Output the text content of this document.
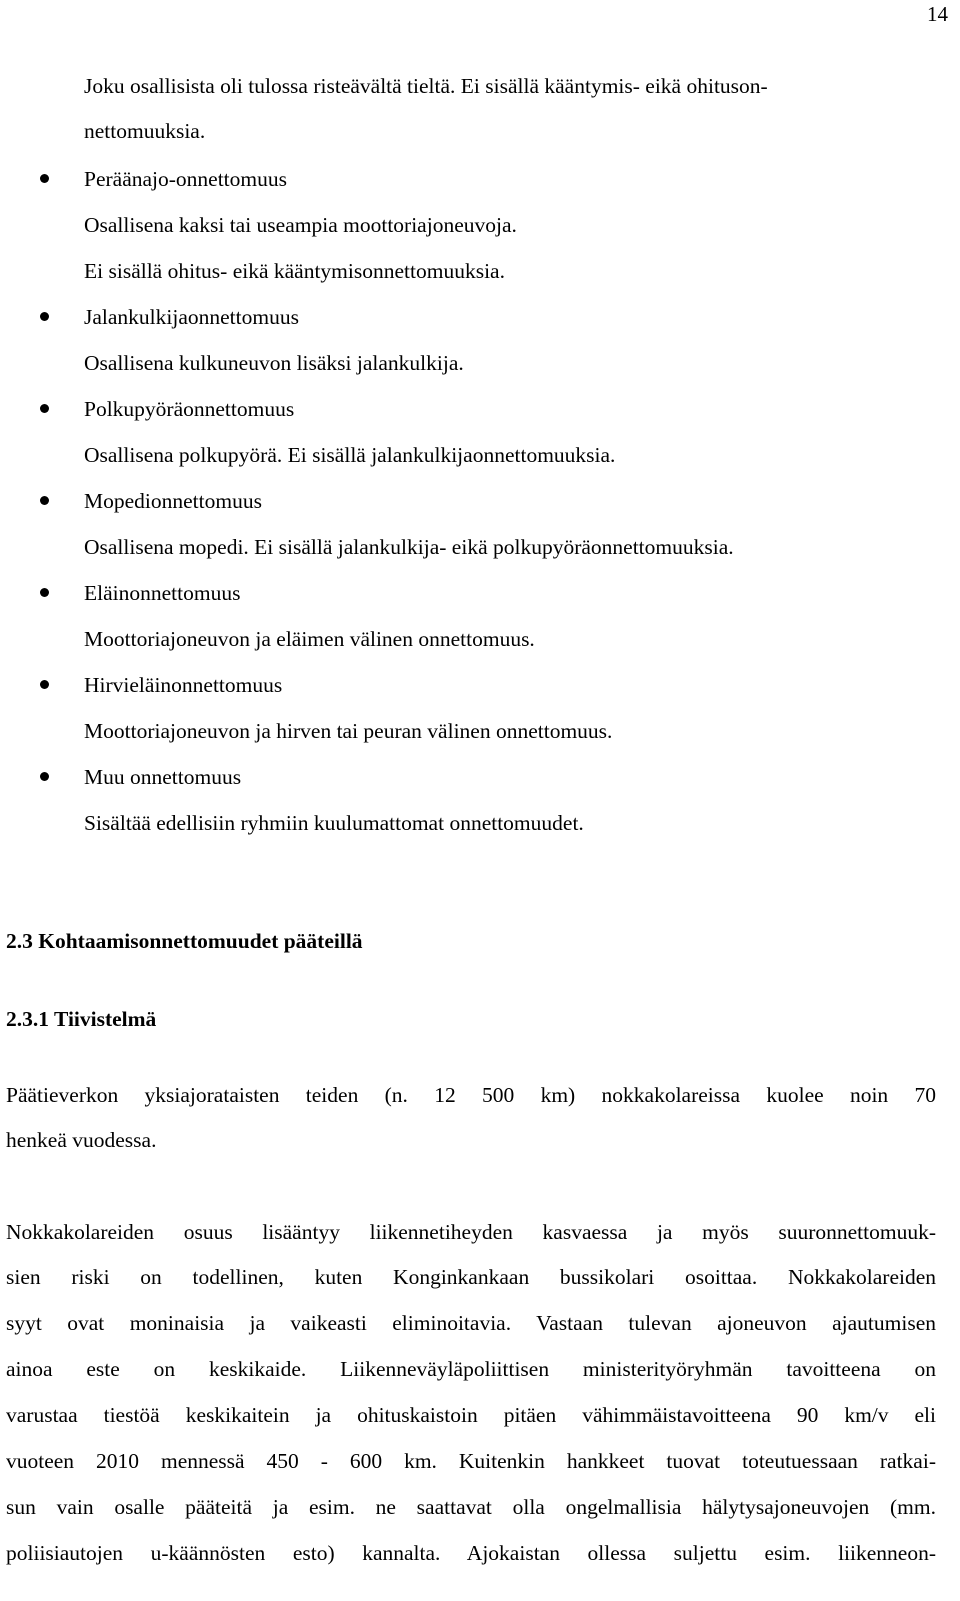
14
Joku osallisista oli tulossa risteävältä tieltä. Ei sisällä kääntymis- eikä ohituson-
nettomuuksia.
Peräänajo-onnettomuus
Osallisena kaksi tai useampia moottoriajoneuvoja.
Ei sisällä ohitus- eikä kääntymisonnettomuuksia.
Jalankulkijaonnettomuus
Osallisena kulkuneuvon lisäksi jalankulkija.
Polkupyöräonnettomuus
Osallisena polkupyörä. Ei sisällä jalankulkijaonnettomuuksia.
Mopedionnettomuus
Osallisena mopedi. Ei sisällä jalankulkija- eikä polkupyöräonnettomuuksia.
Eläinonnettomuus
Moottoriajoneuvon ja eläimen välinen onnettomuus.
Hirvieläinonnettomuus
Moottoriajoneuvon ja hirven tai peuran välinen onnettomuus.
Muu onnettomuus
Sisältää edellisiin ryhmiin kuulumattomat onnettomuudet.
2.3 Kohtaamisonnettomuudet pääteillä
2.3.1 Tiivistelmä
Päätieverkon yksiajorataisten teiden (n. 12 500 km) nokkakolareissa kuolee noin 70
henkeä vuodessa.
Nokkakolareiden osuus lisääntyy liikennetiheyden kasvaessa ja myös suuronnettomuuk-
sien riski on todellinen, kuten Konginkankaan bussikolari osoittaa. Nokkakolareiden
syyt ovat moninaisia ja vaikeasti eliminoitavia. Vastaan tulevan ajoneuvon ajautumisen
ainoa este on keskikaide. Liikenneväyläpoliittisen ministerityöryhmän tavoitteena on
varustaa tiestöä keskikaitein ja ohituskaistoin pitäen vähimmäistavoitteena 90 km/v eli
vuoteen 2010 mennessä 450 - 600 km. Kuitenkin hankkeet tuovat toteutuessaan ratkai-
sun vain osalle pääteitä ja esim. ne saattavat olla ongelmallisia hälytysajoneuvojen (mm.
poliisiautojen u-käännösten esto) kannalta. Ajokaistan ollessa suljettu esim. liikenneon-
